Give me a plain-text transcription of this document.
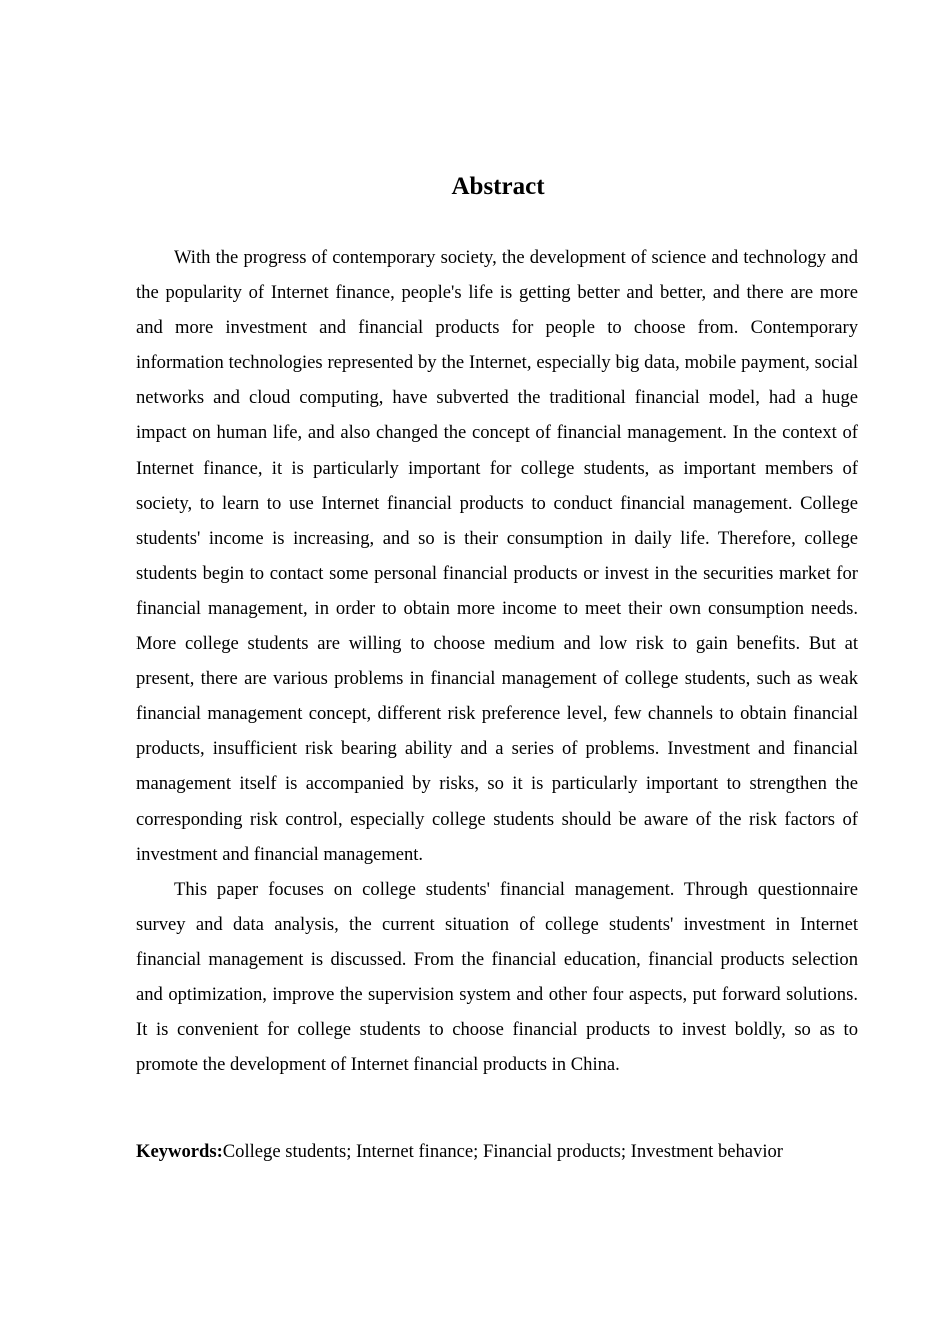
Abstract

With the progress of contemporary society, the development of science and technology and the popularity of Internet finance, people's life is getting better and better, and there are more and more investment and financial products for people to choose from. Contemporary information technologies represented by the Internet, especially big data, mobile payment, social networks and cloud computing, have subverted the traditional financial model, had a huge impact on human life, and also changed the concept of financial management. In the context of Internet finance, it is particularly important for college students, as important members of society, to learn to use Internet financial products to conduct financial management. College students' income is increasing, and so is their consumption in daily life. Therefore, college students begin to contact some personal financial products or invest in the securities market for financial management, in order to obtain more income to meet their own consumption needs. More college students are willing to choose medium and low risk to gain benefits. But at present, there are various problems in financial management of college students, such as weak financial management concept, different risk preference level, few channels to obtain financial products, insufficient risk bearing ability and a series of problems. Investment and financial management itself is accompanied by risks, so it is particularly important to strengthen the corresponding risk control, especially college students should be aware of the risk factors of investment and financial management.

This paper focuses on college students' financial management. Through questionnaire survey and data analysis, the current situation of college students' investment in Internet financial management is discussed. From the financial education, financial products selection and optimization, improve the supervision system and other four aspects, put forward solutions. It is convenient for college students to choose financial products to invest boldly, so as to promote the development of Internet financial products in China.

Keywords:College students; Internet finance; Financial products; Investment behavior
